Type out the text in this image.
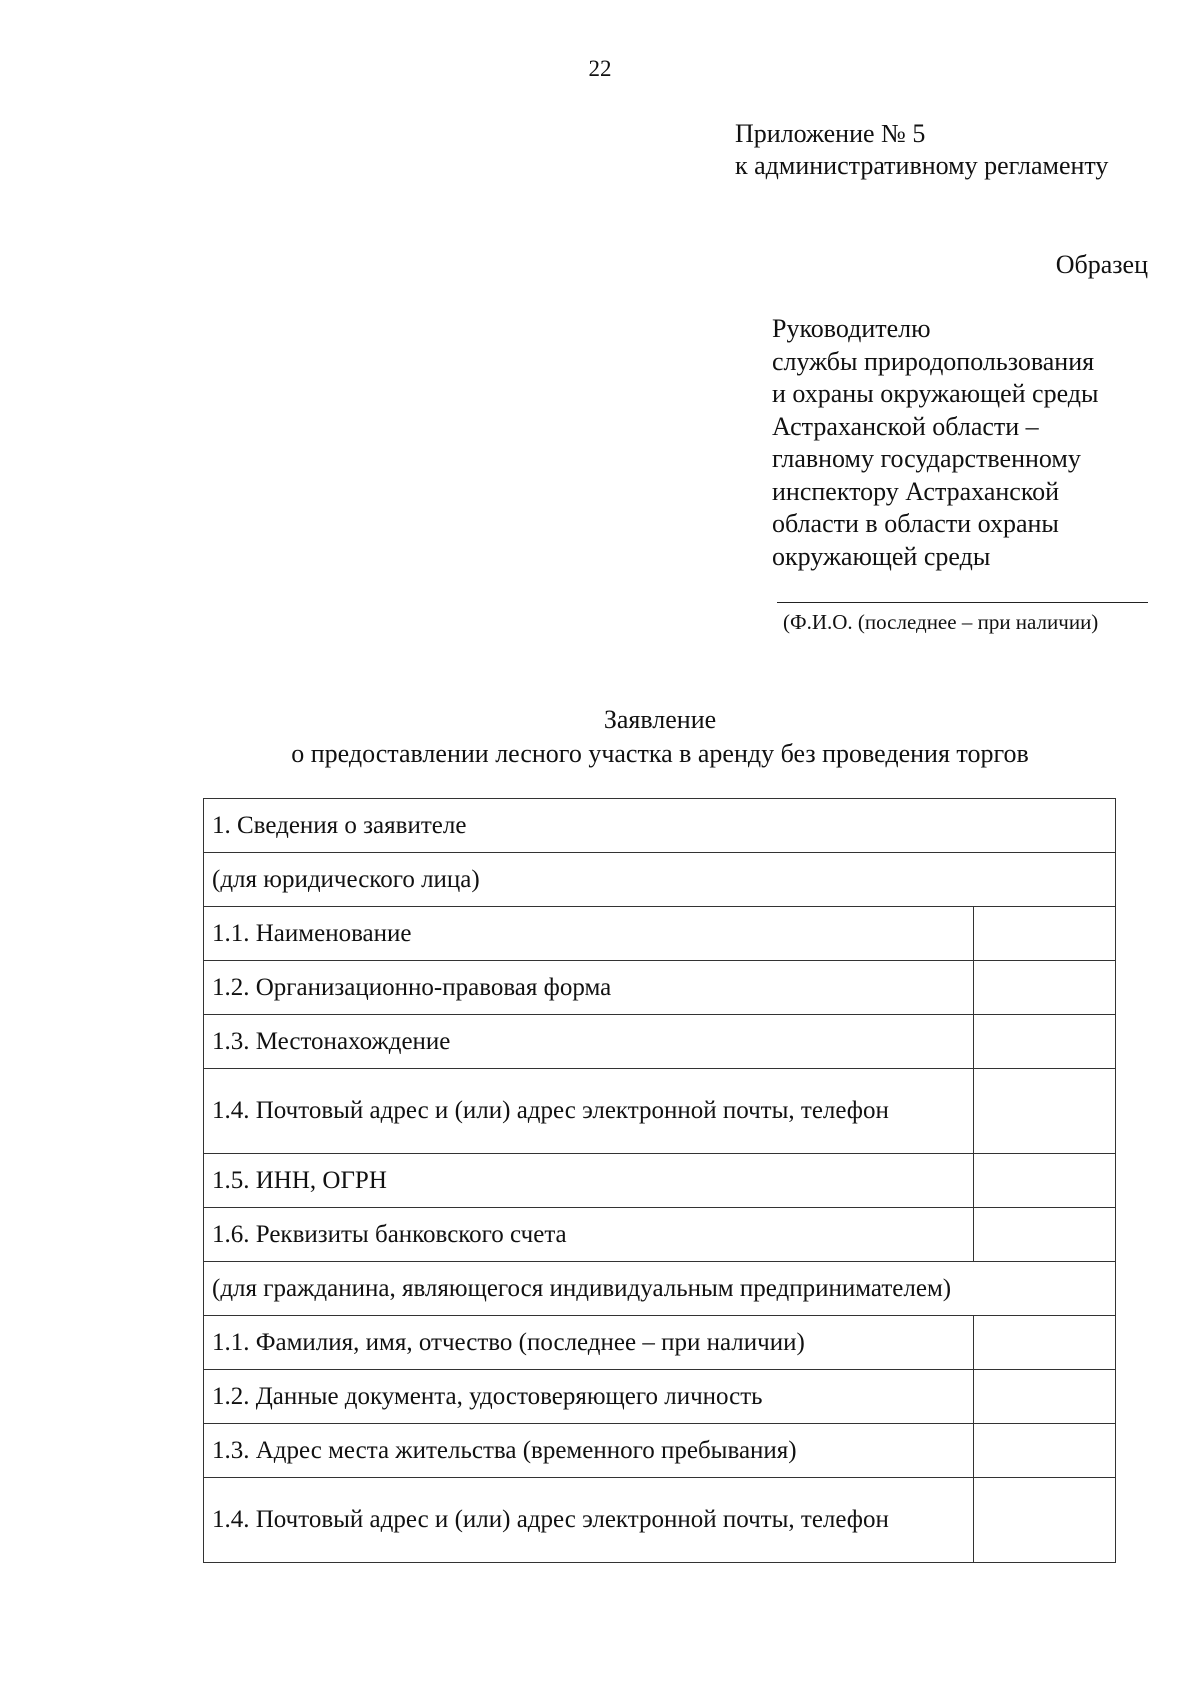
22
Приложение № 5
к административному регламенту
Образец
Руководителю
службы природопользования
и охраны окружающей среды
Астраханской области –
главному государственному
инспектору Астраханской
области в области охраны
окружающей среды
(Ф.И.О. (последнее – при наличии)
Заявление
о предоставлении лесного участка в аренду без проведения торгов
1. Сведения о заявителе	
(для юридического лица)	
1.1. Наименование	
1.2. Организационно-правовая форма	
1.3. Местонахождение	
1.4. Почтовый адрес и (или) адрес электронной почты, телефон	
1.5. ИНН, ОГРН	
1.6. Реквизиты банковского счета	
(для гражданина, являющегося индивидуальным предпринимателем)	
1.1. Фамилия, имя, отчество (последнее – при наличии)	
1.2. Данные документа, удостоверяющего личность	
1.3. Адрес места жительства (временного пребывания)	
1.4. Почтовый адрес и (или) адрес электронной почты, телефон	
